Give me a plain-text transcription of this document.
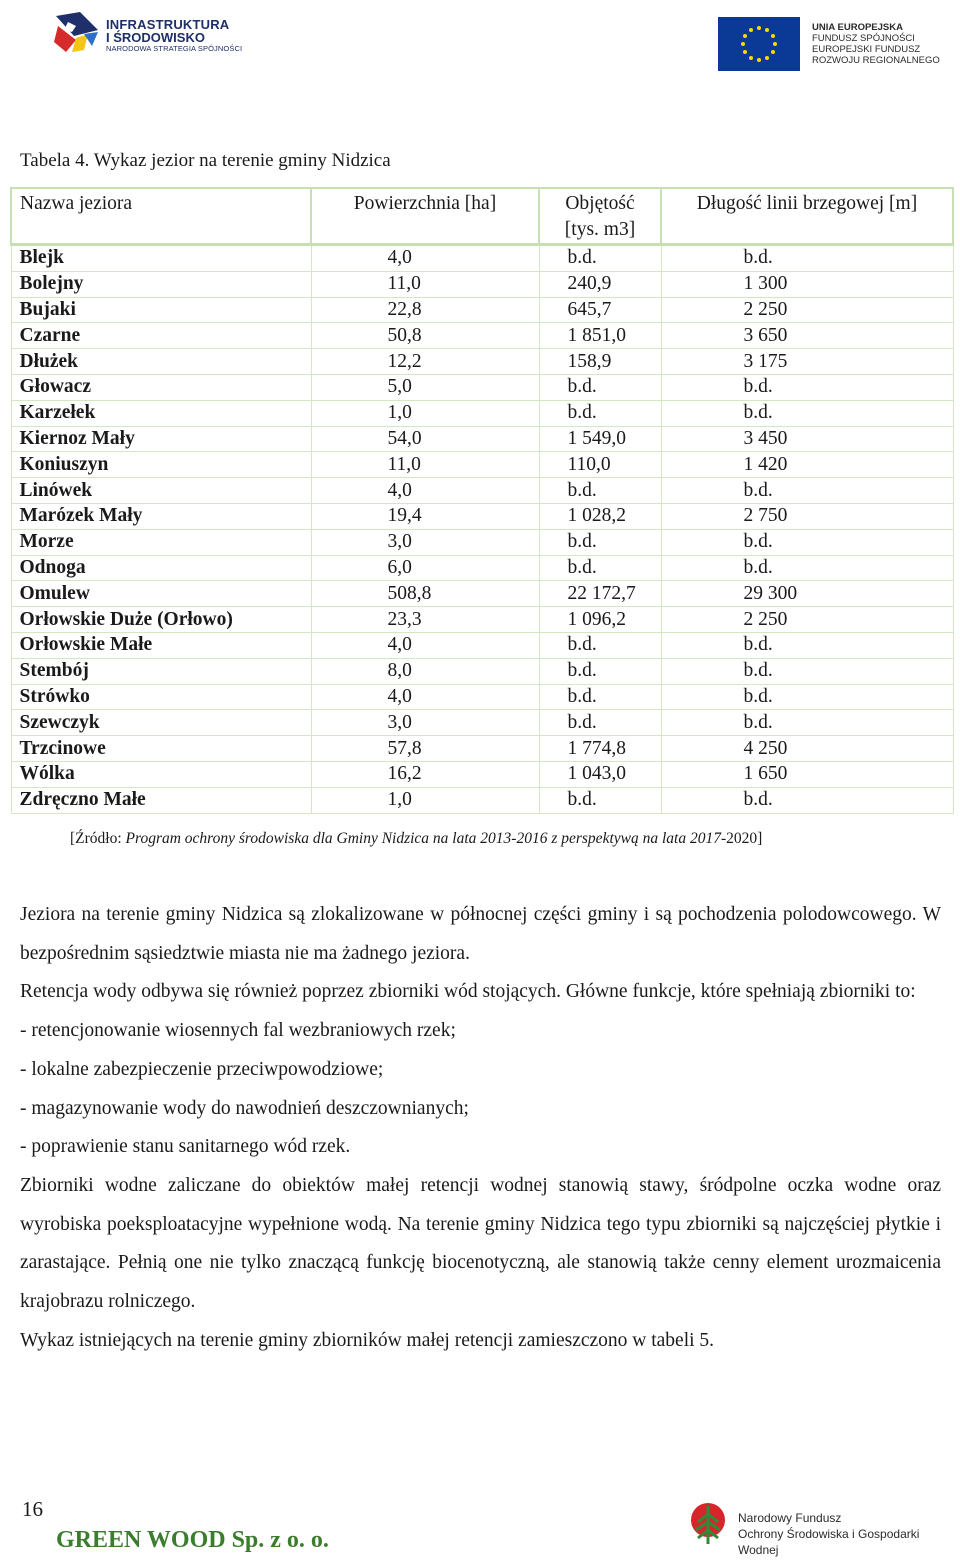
INFRASTRUKTURA
I ŚRODOWISKO
NARODOWA STRATEGIA SPÓJNOŚCI
UNIA EUROPEJSKA
FUNDUSZ SPÓJNOŚCI
EUROPEJSKI FUNDUSZ
ROZWOJU REGIONALNEGO
Tabela 4. Wykaz jezior na terenie gminy Nidzica
Nazwa jeziora	Powierzchnia [ha]	Objętość [tys. m3]	Długość linii brzegowej [m]
Blejk	4,0	b.d.	b.d.
Bolejny	11,0	240,9	1 300
Bujaki	22,8	645,7	2 250
Czarne	50,8	1 851,0	3 650
Dłużek	12,2	158,9	3 175
Głowacz	5,0	b.d.	b.d.
Karzełek	1,0	b.d.	b.d.
Kiernoz Mały	54,0	1 549,0	3 450
Koniuszyn	11,0	110,0	1 420
Linówek	4,0	b.d.	b.d.
Marózek Mały	19,4	1 028,2	2 750
Morze	3,0	b.d.	b.d.
Odnoga	6,0	b.d.	b.d.
Omulew	508,8	22 172,7	29 300
Orłowskie Duże (Orłowo)	23,3	1 096,2	2 250
Orłowskie Małe	4,0	b.d.	b.d.
Stembój	8,0	b.d.	b.d.
Strówko	4,0	b.d.	b.d.
Szewczyk	3,0	b.d.	b.d.
Trzcinowe	57,8	1 774,8	4 250
Wólka	16,2	1 043,0	1 650
Zdręczno Małe	1,0	b.d.	b.d.
[Źródło: Program ochrony środowiska dla Gminy Nidzica na lata 2013-2016 z perspektywą na lata 2017-2020]

Jeziora na terenie gminy Nidzica są zlokalizowane w północnej części gminy i są pochodzenia polodowcowego. W bezpośrednim sąsiedztwie miasta nie ma żadnego jeziora.

Retencja wody odbywa się również poprzez zbiorniki wód stojących. Główne funkcje, które spełniają zbiorniki to:

- retencjonowanie wiosennych fal wezbraniowych rzek;

- lokalne zabezpieczenie przeciwpowodziowe;

- magazynowanie wody do nawodnień deszczownianych;

- poprawienie stanu sanitarnego wód rzek.

Zbiorniki wodne zaliczane do obiektów małej retencji wodnej stanowią stawy, śródpolne oczka wodne oraz wyrobiska poeksploatacyjne wypełnione wodą. Na terenie gminy Nidzica tego typu zbiorniki są najczęściej płytkie i zarastające. Pełnią one nie tylko znaczącą funkcję biocenotyczną, ale stanowią także cenny element urozmaicenia krajobrazu rolniczego.

Wykaz istniejących na terenie gminy zbiorników małej retencji zamieszczono w tabeli 5.

16
GREEN WOOD Sp. z o. o.
Narodowy Fundusz
Ochrony Środowiska i Gospodarki Wodnej
